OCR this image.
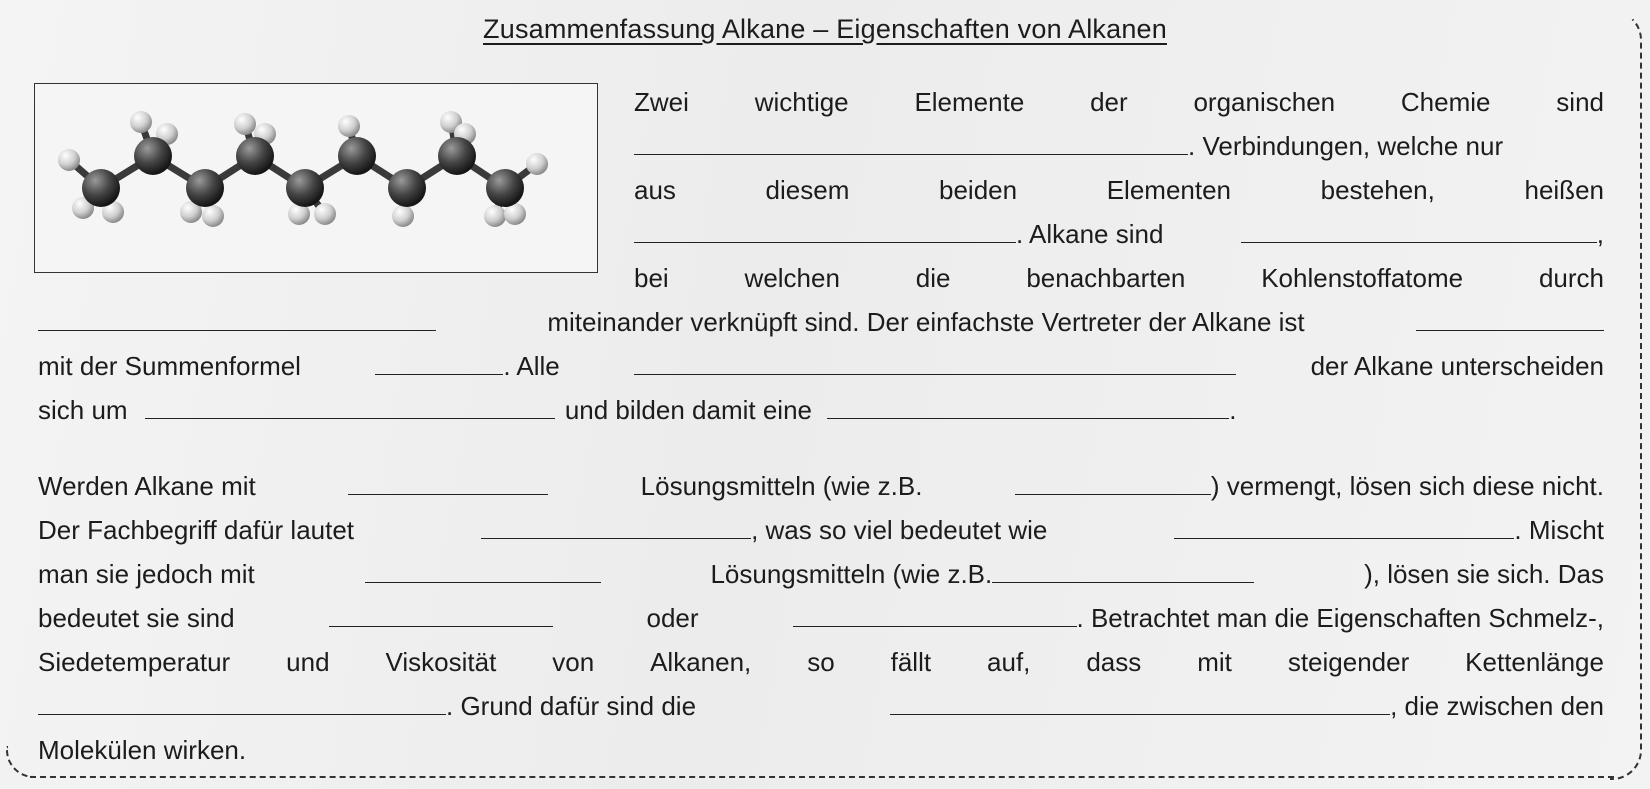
Zusammenfassung Alkane – Eigenschaften von Alkanen
Zwei	wichtige	Elemente	der	organischen	Chemie	sind
. Verbindungen, welche nur
aus	diesem	beiden	Elementen	bestehen,	heißen
. Alkane sind	,
bei	welchen	die	benachbarten	Kohlenstoffatome	durch
miteinander verknüpft sind. Der einfachste Vertreter der Alkane ist
mit der Summenformel	. Alle	der Alkane unterscheiden
sich um	und bilden damit eine	.
Werden Alkane mit	Lösungsmitteln (wie z.B.	) vermengt, lösen sich diese nicht.
Der Fachbegriff dafür lautet	, was so viel bedeutet wie	. Mischt
man sie jedoch mit	Lösungsmitteln (wie z.B.	), lösen sie sich. Das
bedeutet sie sind	oder	. Betrachtet man die Eigenschaften Schmelz-,
Siedetemperatur und Viskosität von Alkanen, so fällt auf, dass mit steigender Kettenlänge
. Grund dafür sind die	, die zwischen den
Molekülen wirken.
